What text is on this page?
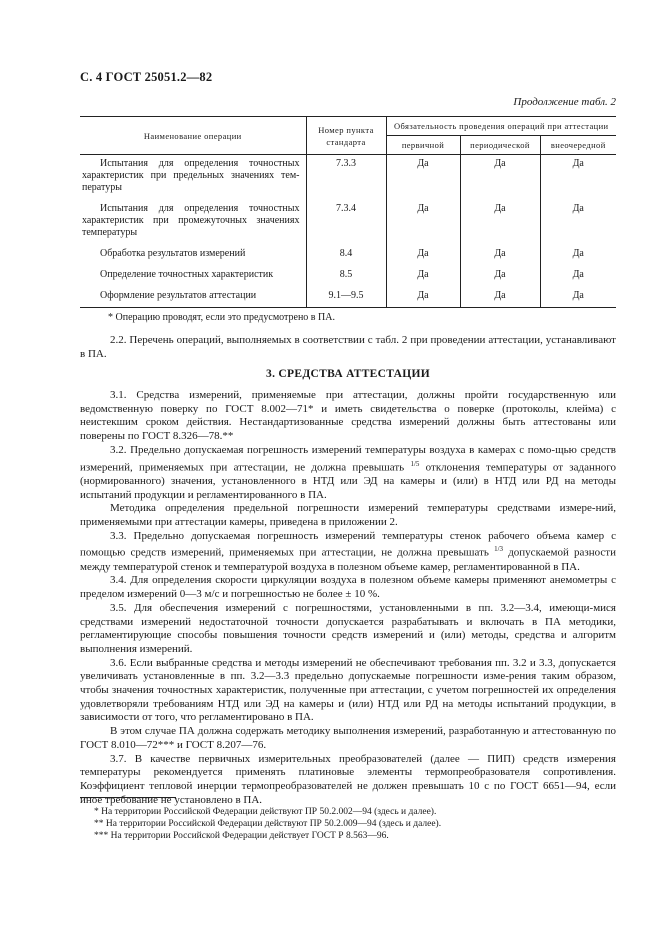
С. 4 ГОСТ 25051.2—82
Продолжение табл. 2
Наименование операции	Номер пункта стандарта	Обязательность проведения операций при аттестации		
		первичной	периодической	внеочередной
Испытания для определения точностных характеристик при предельных значениях тем-пературы	7.3.3	Да	Да	Да
Испытания для определения точностных характеристик при промежуточных значениях температуры	7.3.4	Да	Да	Да
Обработка результатов измерений	8.4	Да	Да	Да
Определение точностных характеристик	8.5	Да	Да	Да
Оформление результатов аттестации	9.1—9.5	Да	Да	Да
* Операцию проводят, если это предусмотрено в ПА.

2.2. Перечень операций, выполняемых в соответствии с табл. 2 при проведении аттестации, устанавливают в ПА.

3. СРЕДСТВА АТТЕСТАЦИИ

3.1. Средства измерений, применяемые при аттестации, должны пройти государственную или ведомственную поверку по ГОСТ 8.002—71* и иметь свидетельства о поверке (протоколы, клейма) с неистекшим сроком действия. Нестандартизованные средства измерений должны быть аттестованы или поверены по ГОСТ 8.326—78.**

3.2. Предельно допускаемая погрешность измерений температуры воздуха в камерах с помо-щью средств измерений, применяемых при аттестации, не должна превышать $^{1/5}$ отклонения температуры от заданного (нормированного) значения, установленного в НТД или ЭД на камеры и (или) в НТД или РД на методы испытаний продукции и регламентированного в ПА.

Методика определения предельной погрешности измерений температуры средствами измере-ний, применяемыми при аттестации камеры, приведена в приложении 2.

3.3. Предельно допускаемая погрешность измерений температуры стенок рабочего объема камер с помощью средств измерений, применяемых при аттестации, не должна превышать $^{1/3}$ допускаемой разности между температурой стенок и температурой воздуха в полезном объеме камер, регламентированной в ПА.

3.4. Для определения скорости циркуляции воздуха в полезном объеме камеры применяют анемометры с пределом измерений 0—3 м/с и погрешностью не более ± 10 %.

3.5. Для обеспечения измерений с погрешностями, установленными в пп. 3.2—3.4, имеющи-мися средствами измерений недостаточной точности допускается разрабатывать и включать в ПА методики, регламентирующие способы повышения точности средств измерений и (или) методы, средства и алгоритм выполнения измерений.

3.6. Если выбранные средства и методы измерений не обеспечивают требования пп. 3.2 и 3.3, допускается увеличивать установленные в пп. 3.2—3.3 предельно допускаемые погрешности изме-рения таким образом, чтобы значения точностных характеристик, полученные при аттестации, с учетом погрешностей их определения удовлетворяли требованиям НТД или ЭД на камеры и (или) НТД или РД на методы испытаний продукции, в зависимости от того, что регламентировано в ПА.

В этом случае ПА должна содержать методику выполнения измерений, разработанную и аттестованную по ГОСТ 8.010—72*** и ГОСТ 8.207—76.

3.7. В качестве первичных измерительных преобразователей (далее — ПИП) средств измерения температуры рекомендуется применять платиновые элементы термопреобразователя сопротивления. Коэффициент тепловой инерции термопреобразователей не должен превышать 10 с по ГОСТ 6651—94, если иное требование не установлено в ПА.

* На территории Российской Федерации действуют ПР 50.2.002—94 (здесь и далее).
** На территории Российской Федерации действуют ПР 50.2.009—94 (здесь и далее).
*** На территории Российской Федерации действует ГОСТ Р 8.563—96.
